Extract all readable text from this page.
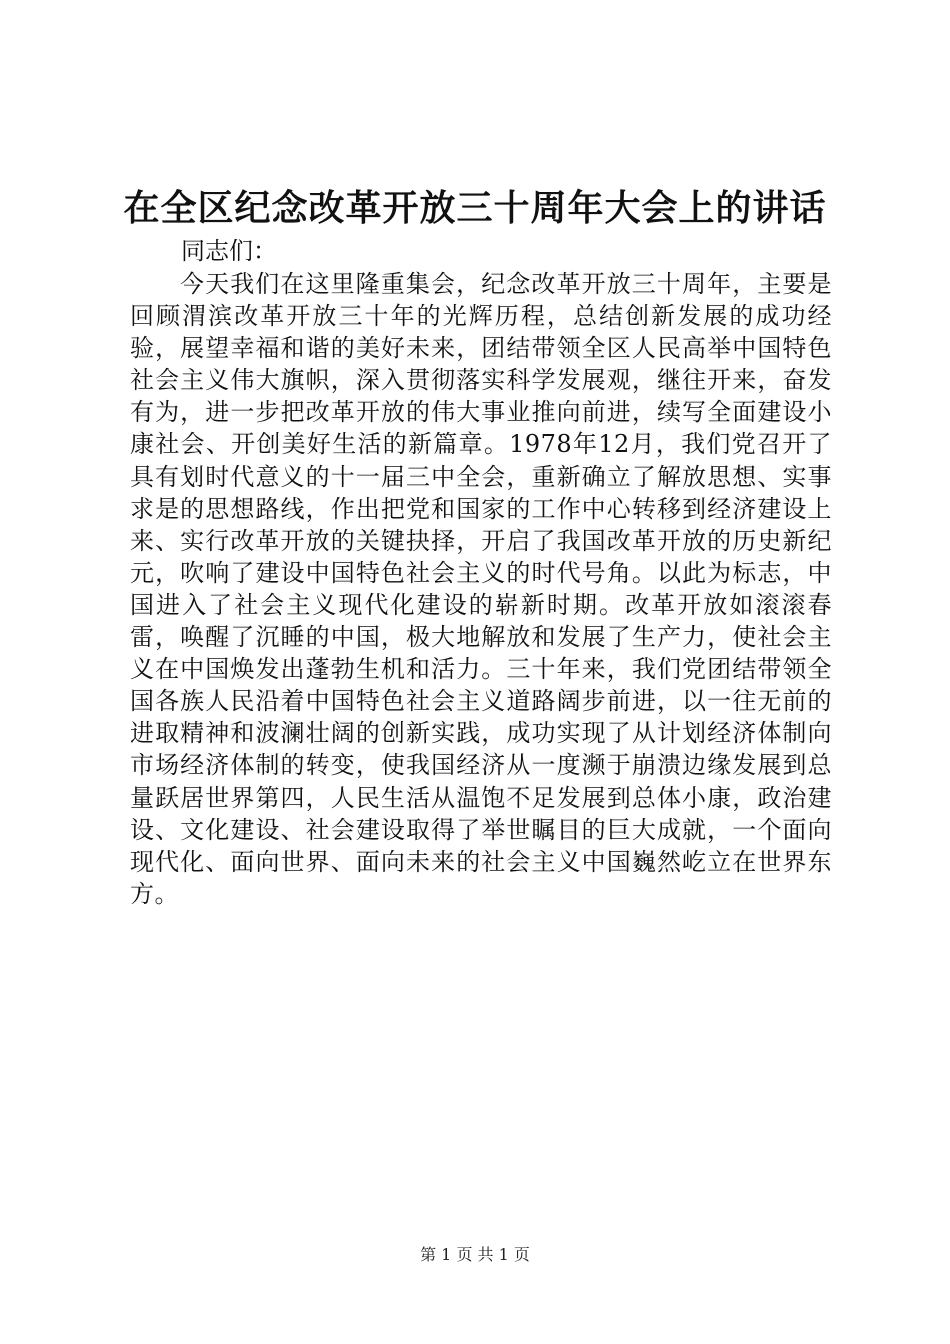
在全区纪念改革开放三十周年大会上的讲话

同志们：

今天我们在这里隆重集会，纪念改革开放三十周年，主要是回顾渭滨改革开放三十年的光辉历程，总结创新发展的成功经验，展望幸福和谐的美好未来，团结带领全区人民高举中国特色社会主义伟大旗帜，深入贯彻落实科学发展观，继往开来，奋发有为，进一步把改革开放的伟大事业推向前进，续写全面建设小康社会、开创美好生活的新篇章。1978年12月，我们党召开了具有划时代意义的十一届三中全会，重新确立了解放思想、实事求是的思想路线，作出把党和国家的工作中心转移到经济建设上来、实行改革开放的关键抉择，开启了我国改革开放的历史新纪元，吹响了建设中国特色社会主义的时代号角。以此为标志，中国进入了社会主义现代化建设的崭新时期。改革开放如滚滚春雷，唤醒了沉睡的中国，极大地解放和发展了生产力，使社会主义在中国焕发出蓬勃生机和活力。三十年来，我们党团结带领全国各族人民沿着中国特色社会主义道路阔步前进，以一往无前的进取精神和波澜壮阔的创新实践，成功实现了从计划经济体制向市场经济体制的转变，使我国经济从一度濒于崩溃边缘发展到总量跃居世界第四，人民生活从温饱不足发展到总体小康，政治建设、文化建设、社会建设取得了举世瞩目的巨大成就，一个面向现代化、面向世界、面向未来的社会主义中国巍然屹立在世界东方。

第 1 页 共 1 页
